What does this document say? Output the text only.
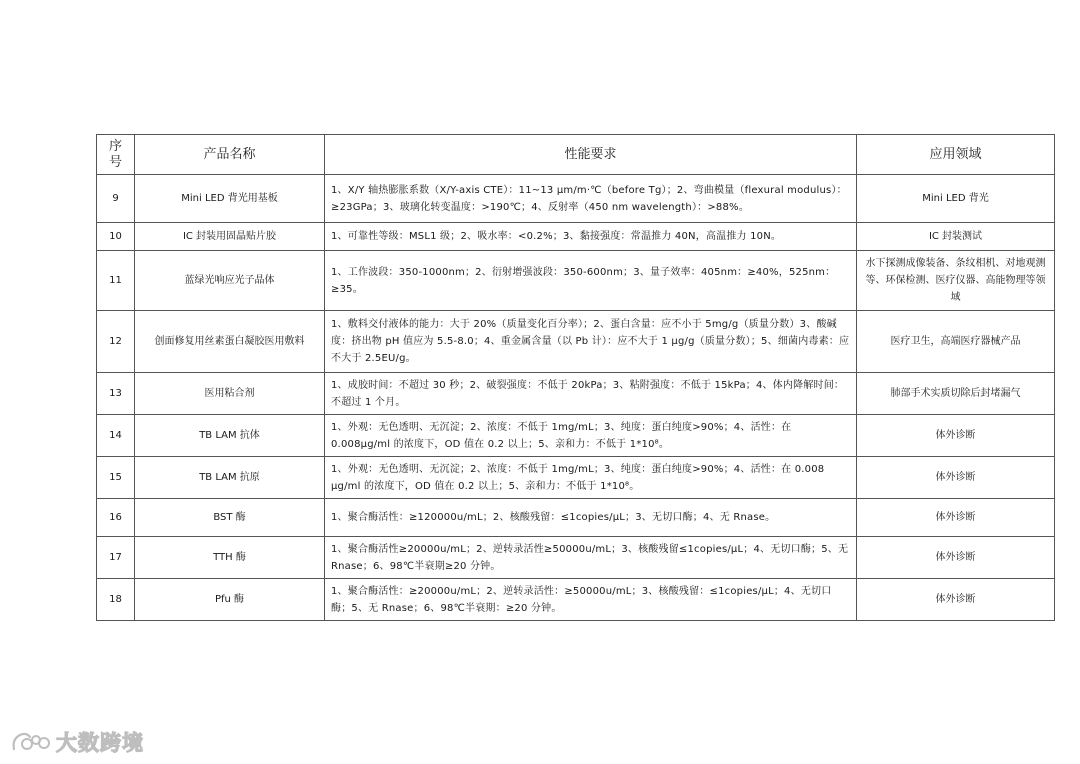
序号	产品名称	性能要求	应用领域
9	Mini LED 背光用基板	1、X/Y 轴热膨胀系数（X/Y-axis CTE）：11~13 μm/m·℃（before Tg）；2、弯曲模量（flexural modulus）：≥23GPa；3、玻璃化转变温度：>190℃；4、反射率（450 nm wavelength）：>88%。	Mini LED 背光
10	IC 封装用固晶贴片胶	1、可靠性等级：MSL1 级；2、吸水率：<0.2%；3、黏接强度：常温推力 40N，高温推力 10N。	IC 封装测试
11	蓝绿光响应光子晶体	1、工作波段：350-1000nm；2、衍射增强波段：350-600nm；3、量子效率：405nm：≥40%，525nm：≥35。	水下探测成像装备、条纹相机、对地观测等、环保检测、医疗仪器、高能物理等领域
12	创面修复用丝素蛋白凝胶医用敷料	1、敷料交付液体的能力：大于 20%（质量变化百分率）；2、蛋白含量：应不小于 5mg/g（质量分数）3、酸碱度：挤出物 pH 值应为 5.5-8.0；4、重金属含量（以 Pb 计）：应不大于 1 μg/g（质量分数）；5、细菌内毒素：应不大于 2.5EU/g。	医疗卫生，高端医疗器械产品
13	医用粘合剂	1、成胶时间：不超过 30 秒；2、破裂强度：不低于 20kPa；3、粘附强度：不低于 15kPa；4、体内降解时间：不超过 1 个月。	肺部手术实质切除后封堵漏气
14	TB LAM 抗体	1、外观：无色透明、无沉淀；2、浓度：不低于 1mg/mL；3、纯度：蛋白纯度>90%；4、活性：在 0.008μg/ml 的浓度下，OD 值在 0.2 以上；5、亲和力：不低于 1*10⁸。	体外诊断
15	TB LAM 抗原	1、外观：无色透明、无沉淀；2、浓度：不低于 1mg/mL；3、纯度：蛋白纯度>90%；4、活性：在 0.008 μg/ml 的浓度下，OD 值在 0.2 以上；5、亲和力：不低于 1*10⁸。	体外诊断
16	BST 酶	1、聚合酶活性：≥120000u/mL；2、核酸残留：≤1copies/μL；3、无切口酶；4、无 Rnase。	体外诊断
17	TTH 酶	1、聚合酶活性≥20000u/mL；2、逆转录活性≥50000u/mL；3、核酸残留≤1copies/μL；4、无切口酶；5、无 Rnase；6、98℃半衰期≥20 分钟。	体外诊断
18	Pfu 酶	1、聚合酶活性：≥20000u/mL；2、逆转录活性：≥50000u/mL；3、核酸残留：≤1copies/μL；4、无切口酶；5、无 Rnase；6、98℃半衰期：≥20 分钟。	体外诊断
大数跨境
